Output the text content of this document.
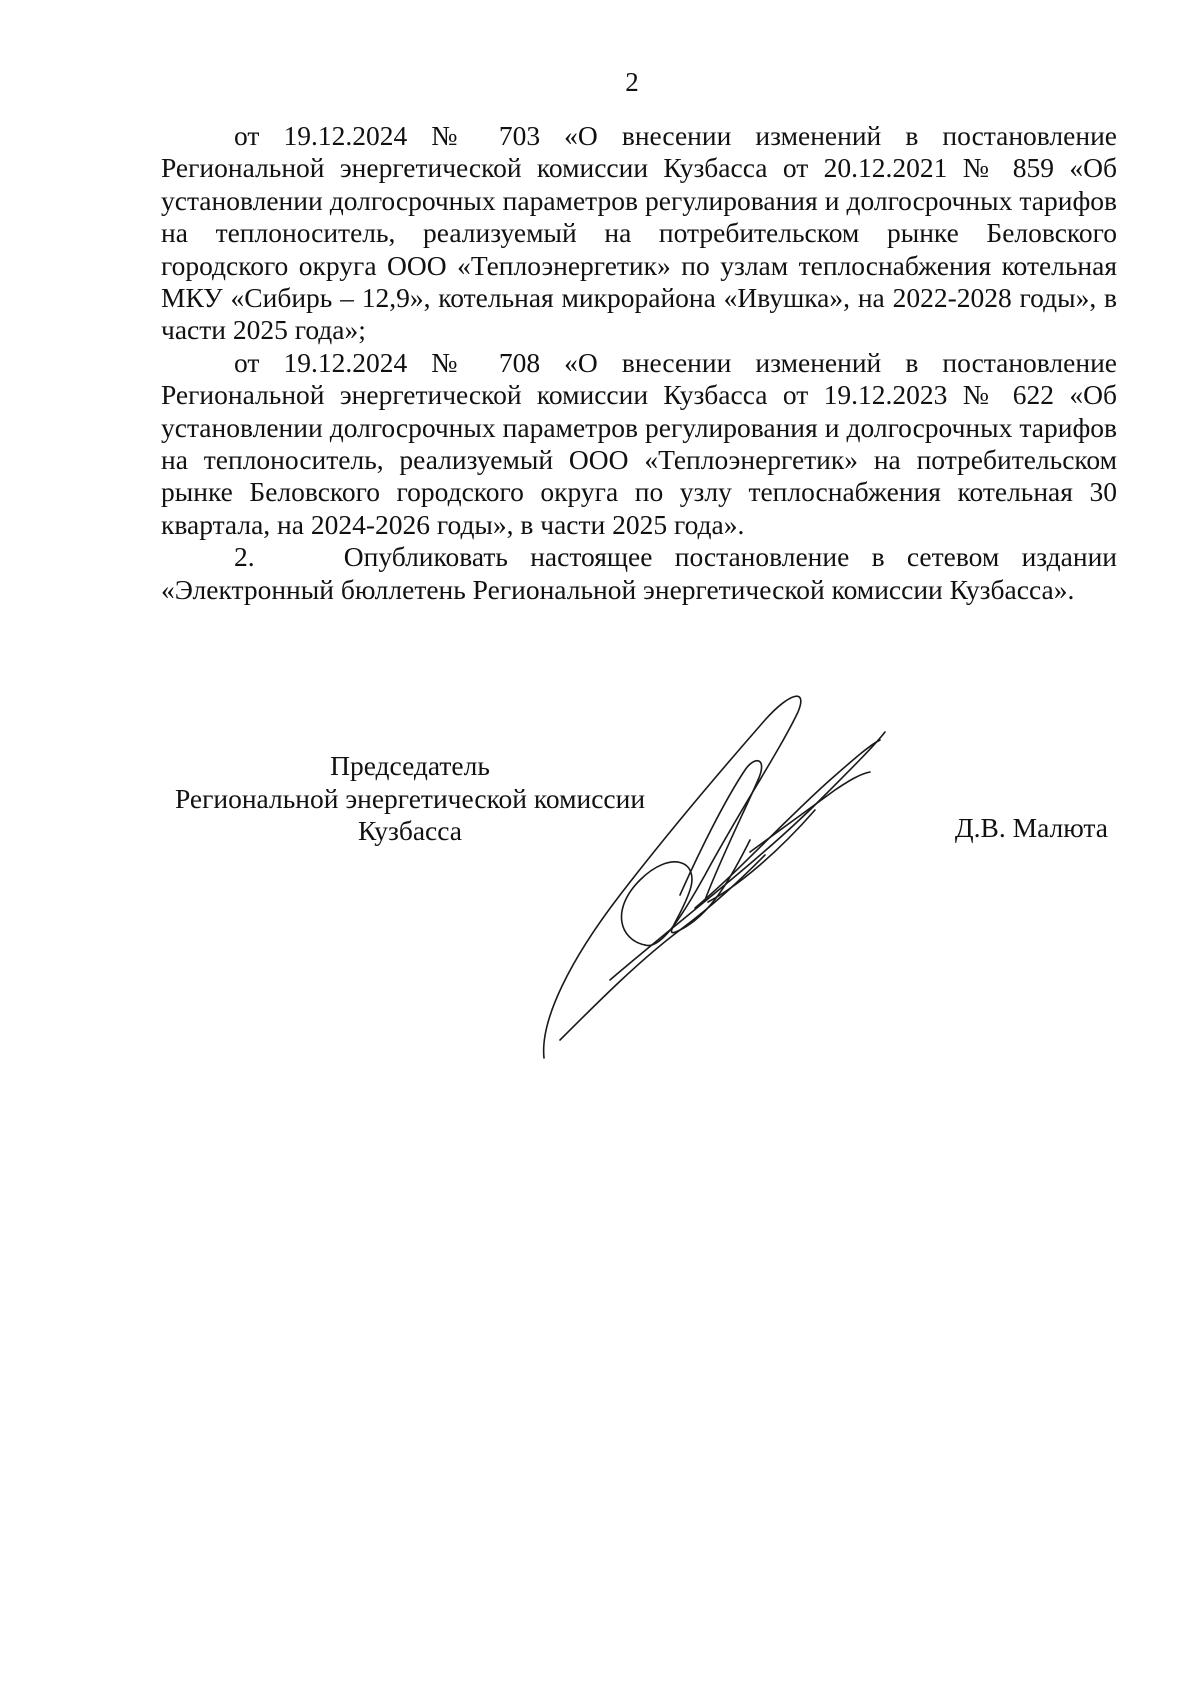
2

от 19.12.2024 № 703 «О внесении изменений в постановление Региональной энергетической комиссии Кузбасса от 20.12.2021 № 859 «Об установлении долгосрочных параметров регулирования и долгосрочных тарифов на теплоноситель, реализуемый на потребительском рынке Беловского городского округа ООО «Теплоэнергетик» по узлам теплоснабжения котельная МКУ «Сибирь – 12,9», котельная микрорайона «Ивушка», на 2022-2028 годы», в части 2025 года»;

от 19.12.2024 № 708 «О внесении изменений в постановление Региональной энергетической комиссии Кузбасса от 19.12.2023 № 622 «Об установлении долгосрочных параметров регулирования и долгосрочных тарифов на теплоноситель, реализуемый ООО «Теплоэнергетик» на потребительском рынке Беловского городского округа по узлу теплоснабжения котельная 30 квартала, на 2024-2026 годы», в части 2025 года».

2.    Опубликовать настоящее постановление в сетевом издании «Электронный бюллетень Региональной энергетической комиссии Кузбасса».

Председатель
Региональной энергетической комиссии
Кузбасса	Д.В. Малюта
